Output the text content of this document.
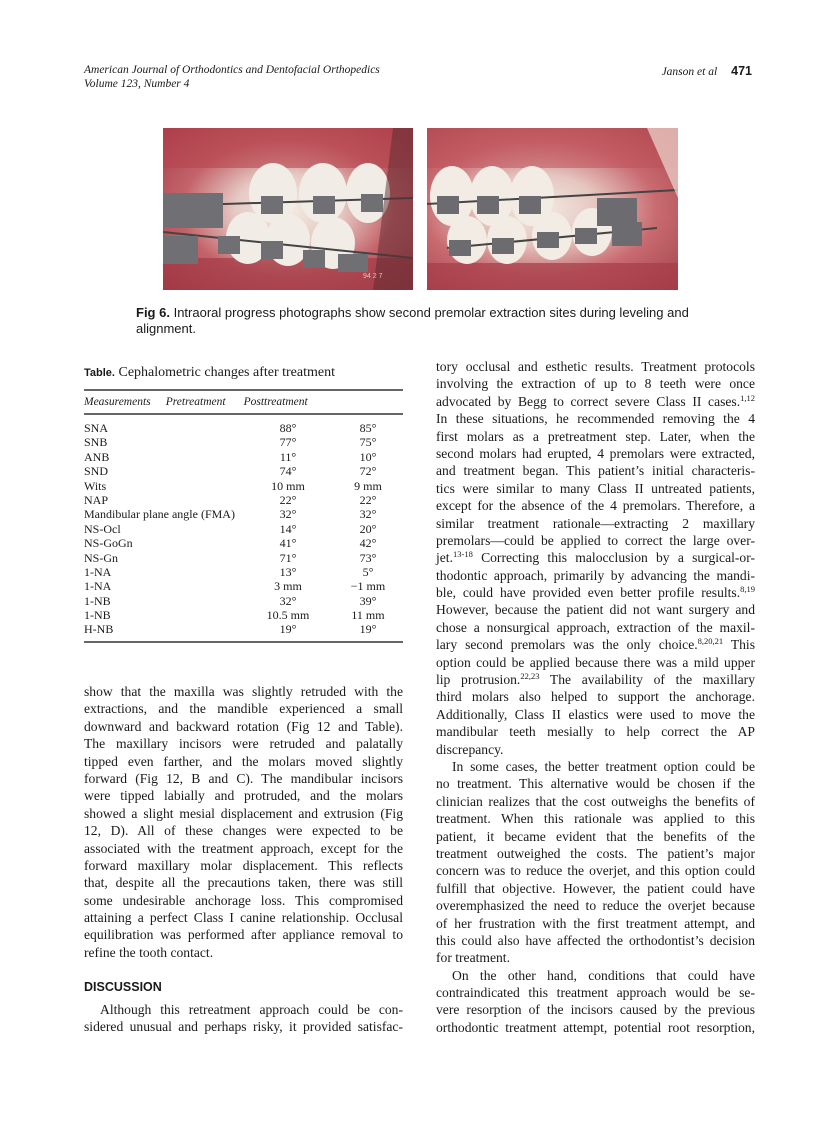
American Journal of Orthodontics and Dentofacial Orthopedics
Volume 123, Number 4
Janson et al 471
94 2 7
Fig 6. Intraoral progress photographs show second premolar extraction sites during leveling and alignment.
Table. Cephalometric changes after treatment
Measurements	Pretreatment	Posttreatment
SNA	88°	85°
SNB	77°	75°
ANB	11°	10°
SND	74°	72°
Wits	10 mm	9 mm
NAP	22°	22°
Mandibular plane angle (FMA)	32°	32°
NS-Ocl	14°	20°
NS-GoGn	41°	42°
NS-Gn	71°	73°
1-NA	13°	5°
1-NA	3 mm	−1 mm
1-NB	32°	39°
1-NB	10.5 mm	11 mm
H-NB	19°	19°
show that the maxilla was slightly retruded with the
extractions, and the mandible experienced a small
downward and backward rotation (Fig 12 and Table).
The maxillary incisors were retruded and palatally
tipped even farther, and the molars moved slightly
forward (Fig 12, B and C). The mandibular incisors
were tipped labially and protruded, and the molars
showed a slight mesial displacement and extrusion (Fig
12, D). All of these changes were expected to be
associated with the treatment approach, except for the
forward maxillary molar displacement. This reflects
that, despite all the precautions taken, there was still
some undesirable anchorage loss. This compromised
attaining a perfect Class I canine relationship. Occlusal
equilibration was performed after appliance removal to
refine the tooth contact.
DISCUSSION
Although this retreatment approach could be con-
sidered unusual and perhaps risky, it provided satisfac-
tory occlusal and esthetic results. Treatment protocols
involving the extraction of up to 8 teeth were once
advocated by Begg to correct severe Class II cases.$^{1,12}$
In these situations, he recommended removing the 4
first molars as a pretreatment step. Later, when the
second molars had erupted, 4 premolars were extracted,
and treatment began. This patient’s initial characteris-
tics were similar to many Class II untreated patients,
except for the absence of the 4 premolars. Therefore, a
similar treatment rationale—extracting 2 maxillary
premolars—could be applied to correct the large over-
jet.$^{13-18}$ Correcting this malocclusion by a surgical-or-
thodontic approach, primarily by advancing the mandi-
ble, could have provided even better profile results.$^{8,19}$
However, because the patient did not want surgery and
chose a nonsurgical approach, extraction of the maxil-
lary second premolars was the only choice.$^{8,20,21}$ This
option could be applied because there was a mild upper
lip protrusion.$^{22,23}$ The availability of the maxillary
third molars also helped to support the anchorage.
Additionally, Class II elastics were used to move the
mandibular teeth mesially to help correct the AP
discrepancy.
In some cases, the better treatment option could be
no treatment. This alternative would be chosen if the
clinician realizes that the cost outweighs the benefits of
treatment. When this rationale was applied to this
patient, it became evident that the benefits of the
treatment outweighed the costs. The patient’s major
concern was to reduce the overjet, and this option could
fulfill that objective. However, the patient could have
overemphasized the need to reduce the overjet because
of her frustration with the first treatment attempt, and
this could also have affected the orthodontist’s decision
for treatment.
On the other hand, conditions that could have
contraindicated this treatment approach would be se-
vere resorption of the incisors caused by the previous
orthodontic treatment attempt, potential root resorption,
